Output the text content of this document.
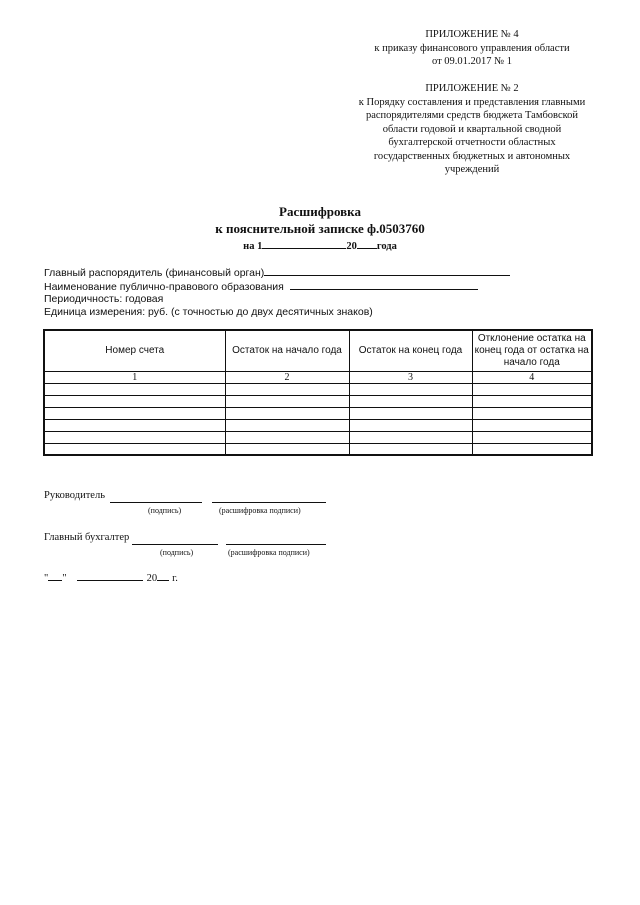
ПРИЛОЖЕНИЕ № 4
к приказу финансового управления области
от 09.01.2017 № 1
ПРИЛОЖЕНИЕ № 2
к Порядку составления и представления главными
распорядителями средств бюджета Тамбовской
области годовой и квартальной сводной
бухгалтерской отчетности областных
государственных бюджетных и автономных
учреждений
Расшифровка
к пояснительной записке ф.0503760
на 1	20 года
Главный распорядитель (финансовый орган)
Наименование публично-правового образования
Периодичность: годовая
Единица измерения: руб. (с точностью до двух десятичных знаков)
Номер счета	Остаток на начало года	Остаток на конец года	Отклонение остатка на конец года от остатка на начало года
1	2	3	4

Руководитель
(подпись)	(расшифровка подписи)
Главный бухгалтер
(подпись)	(расшифровка подписи)
" "	20 г.
